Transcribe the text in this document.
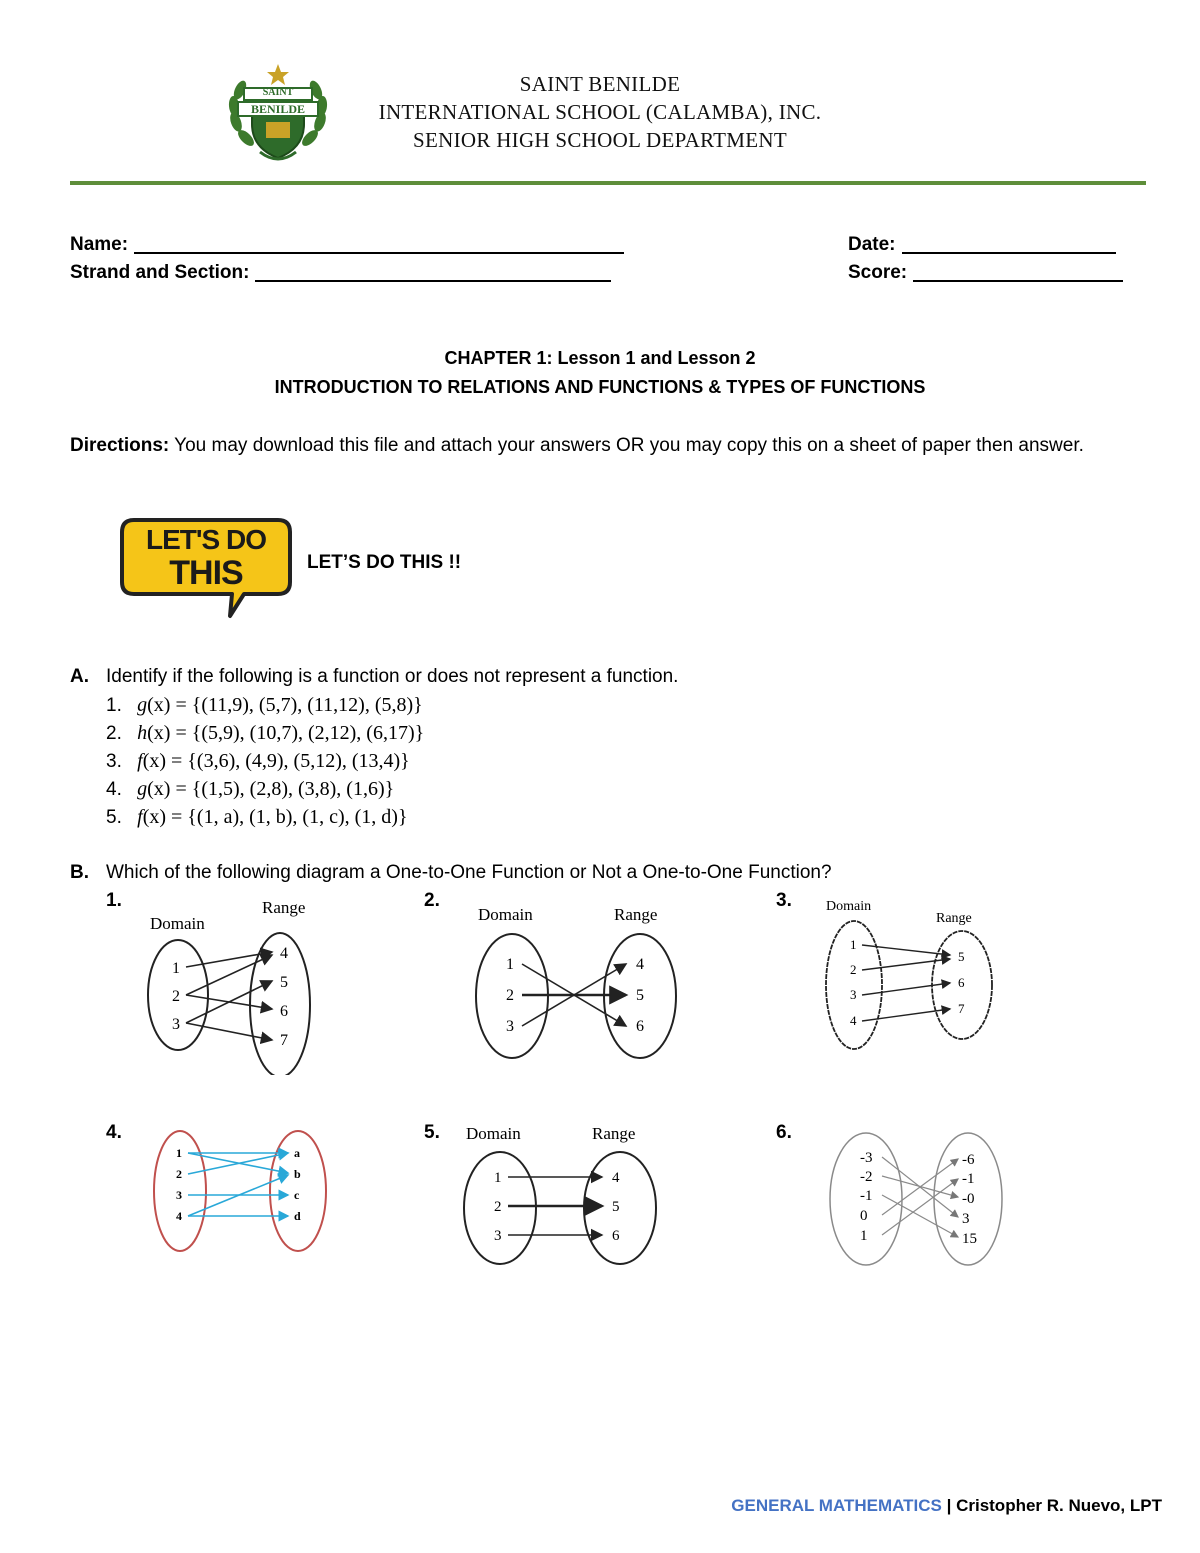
SAINT
BENILDE
SAINT BENILDE
INTERNATIONAL SCHOOL (CALAMBA), INC.
SENIOR HIGH SCHOOL DEPARTMENT
Name:
Strand and Section:
Date:
Score:
CHAPTER 1: Lesson 1 and Lesson 2
INTRODUCTION TO RELATIONS AND FUNCTIONS & TYPES OF FUNCTIONS
Directions: You may download this file and attach your answers OR you may copy this on a sheet of paper then answer.
LET'S DO
THIS	LET’S DO THIS !!
A. Identify if the following is a function or does not represent a function.
1. g(x) = {(11,9), (5,7), (11,12), (5,8)}
2. h(x) = {(5,9), (10,7), (2,12), (6,17)}
3. f(x) = {(3,6), (4,9), (5,12), (13,4)}
4. g(x) = {(1,5), (2,8), (3,8), (1,6)}
5. f(x) = {(1, a), (1, b), (1, c), (1, d)}
B. Which of the following diagram a One-to-One Function or Not a One-to-One Function?
1.	2.	3.
4.	5.	6.
Domain
Range
1
2
3
4
5
6
7
Domain	Range
1
2
3
4
5
6
Domain
Range
1
2
3
4
5
6
7
1
2
3
4
a
b
c
d
Domain	Range
1
2
3
4
5
6
-3
-2
-1
0
1
-6
-1
-0
3
15
GENERAL MATHEMATICS | Cristopher R. Nuevo, LPT
